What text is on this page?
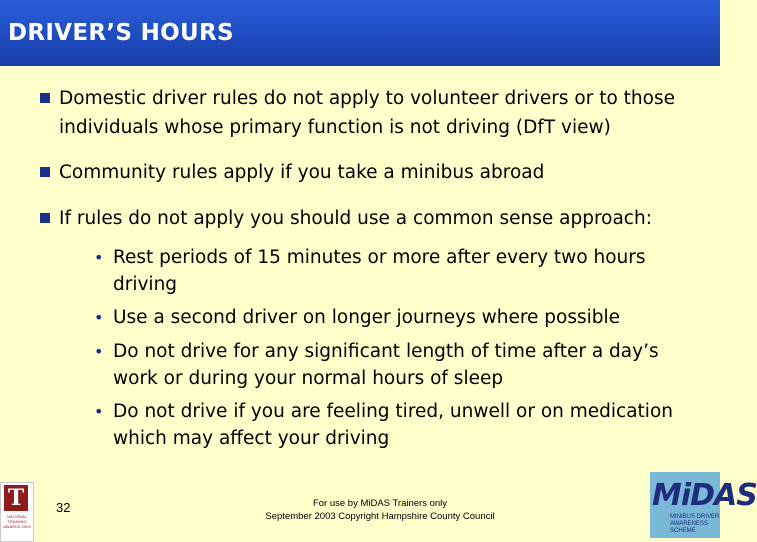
DRIVER’S HOURS
Domestic driver rules do not apply to volunteer drivers or to those individuals whose primary function is not driving (DfT view)
Community rules apply if you take a minibus abroad
If rules do not apply you should use a common sense approach:
• Rest periods of 15 minutes or more after every two hours driving
• Use a second driver on longer journeys where possible
• Do not drive for any significant length of time after a day’s work or during your normal hours of sleep
• Do not drive if you are feeling tired, unwell or on medication which may affect your driving
T
NATIONAL TRAINING AWARDS 2003
32	For use by MiDAS Trainers only
September 2003 Copyright Hampshire County Council
MiDAS
MINIBUS DRIVER AWARENESS SCHEME
